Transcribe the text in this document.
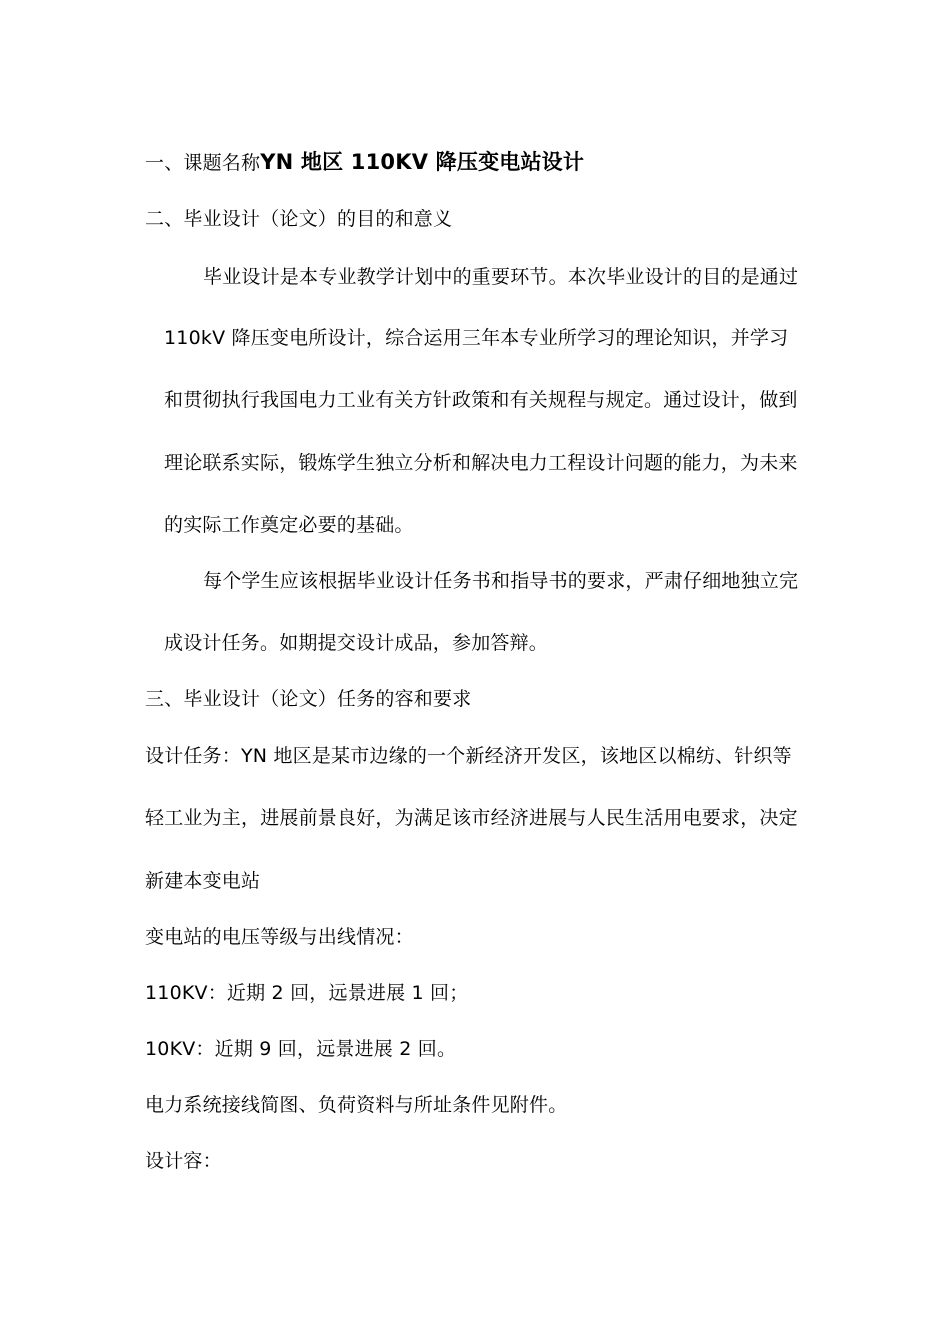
一、课题名称YN 地区 110KV 降压变电站设计
二、毕业设计（论文）的目的和意义
毕业设计是本专业教学计划中的重要环节。本次毕业设计的目的是通过
110kV 降压变电所设计，综合运用三年本专业所学习的理论知识，并学习
和贯彻执行我国电力工业有关方针政策和有关规程与规定。通过设计，做到
理论联系实际，锻炼学生独立分析和解决电力工程设计问题的能力，为未来
的实际工作奠定必要的基础。
每个学生应该根据毕业设计任务书和指导书的要求，严肃仔细地独立完
成设计任务。如期提交设计成品，参加答辩。
三、毕业设计（论文）任务的容和要求
设计任务：YN 地区是某市边缘的一个新经济开发区，该地区以棉纺、针织等
轻工业为主，进展前景良好，为满足该市经济进展与人民生活用电要求，决定
新建本变电站
变电站的电压等级与出线情况：
110KV：近期 2 回，远景进展 1 回；
10KV：近期 9 回，远景进展 2 回。
电力系统接线简图、负荷资料与所址条件见附件。
设计容：
